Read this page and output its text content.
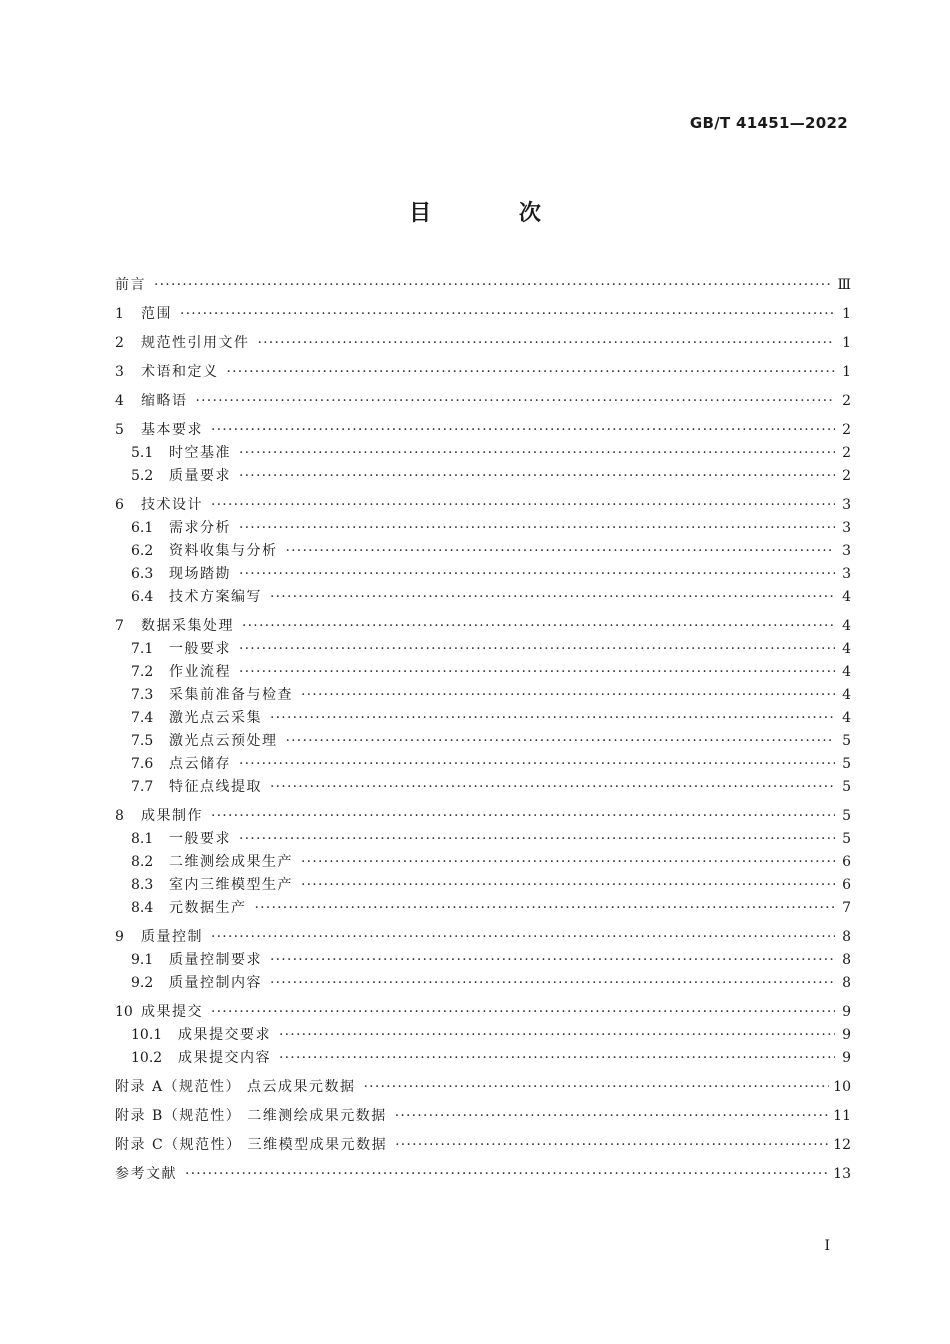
GB/T 41451—2022
目 次
前言 ·····	Ⅲ
1	范围 ·····	1
2	规范性引用文件 ·····	1
3	术语和定义 ·····	1
4	缩略语 ·····	2
5	基本要求 ·····	2
5.1	时空基准 ·····	2
5.2	质量要求 ·····	2
6	技术设计 ·····	3
6.1	需求分析 ·····	3
6.2	资料收集与分析 ·····	3
6.3	现场踏勘 ·····	3
6.4	技术方案编写 ·····	4
7	数据采集处理 ·····	4
7.1	一般要求 ·····	4
7.2	作业流程 ·····	4
7.3	采集前准备与检查 ·····	4
7.4	激光点云采集 ·····	4
7.5	激光点云预处理 ·····	5
7.6	点云储存 ·····	5
7.7	特征点线提取 ·····	5
8	成果制作 ·····	5
8.1	一般要求 ·····	5
8.2	二维测绘成果生产 ·····	6
8.3	室内三维模型生产 ·····	6
8.4	元数据生产 ·····	7
9	质量控制 ·····	8
9.1	质量控制要求 ·····	8
9.2	质量控制内容 ·····	8
10 成果提交 ·····	9
10.1	成果提交要求 ·····	9
10.2	成果提交内容 ·····	9
附录 A（规范性） 点云成果元数据 ·····	10
附录 B（规范性） 二维测绘成果元数据 ·····	11
附录 C（规范性） 三维模型成果元数据 ·····	12
参考文献 ·····	13
I
